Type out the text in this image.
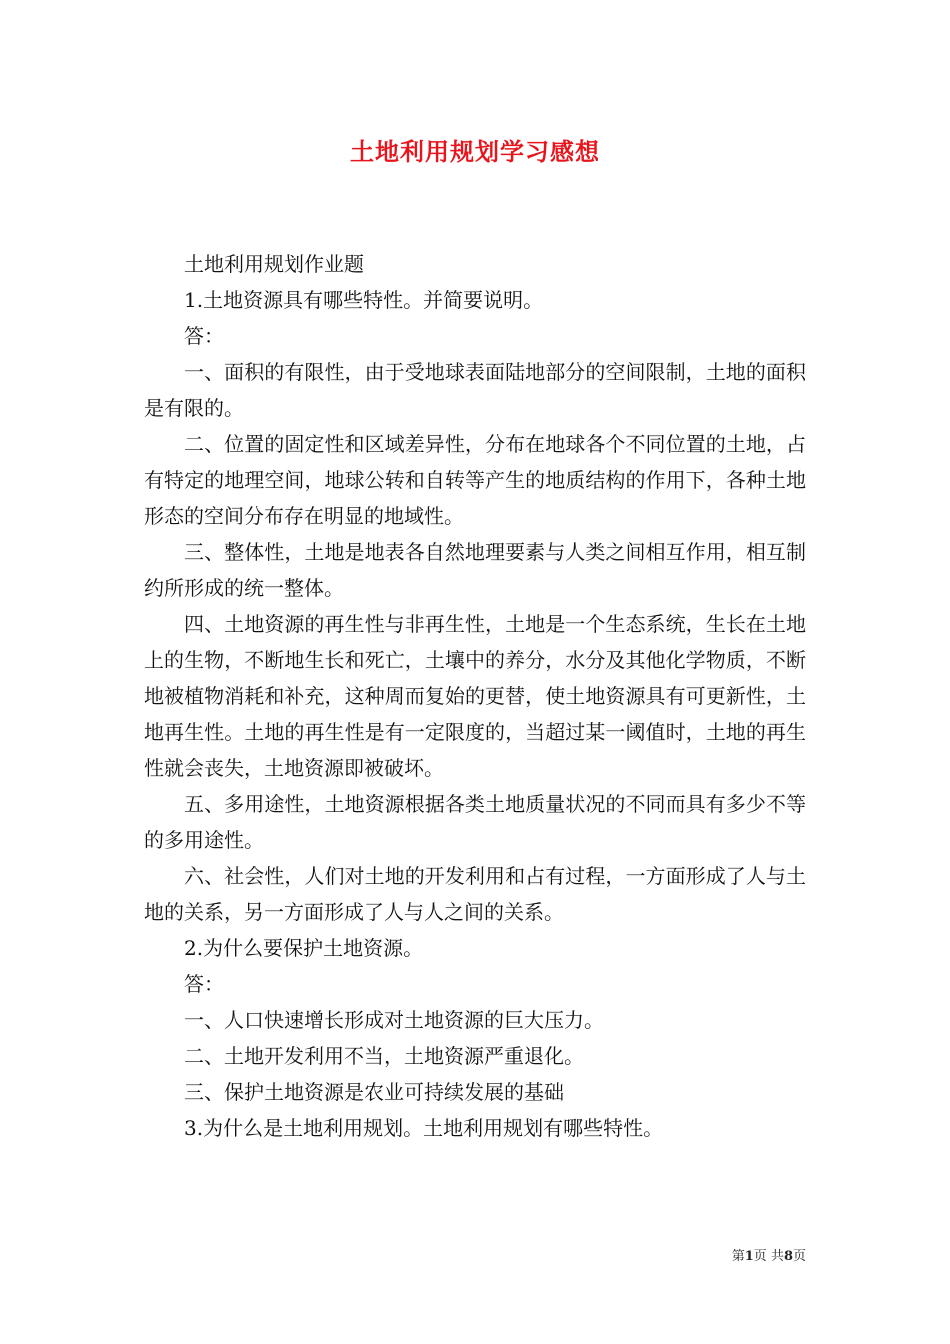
土地利用规划学习感想

土地利用规划作业题

1.土地资源具有哪些特性。并简要说明。

答：

一、面积的有限性，由于受地球表面陆地部分的空间限制，土地的面积是有限的。

二、位置的固定性和区域差异性，分布在地球各个不同位置的土地，占有特定的地理空间，地球公转和自转等产生的地质结构的作用下，各种土地形态的空间分布存在明显的地域性。

三、整体性，土地是地表各自然地理要素与人类之间相互作用，相互制约所形成的统一整体。

四、土地资源的再生性与非再生性，土地是一个生态系统，生长在土地上的生物，不断地生长和死亡，土壤中的养分，水分及其他化学物质，不断地被植物消耗和补充，这种周而复始的更替，使土地资源具有可更新性，土地再生性。土地的再生性是有一定限度的，当超过某一阈值时，土地的再生性就会丧失，土地资源即被破坏。

五、多用途性，土地资源根据各类土地质量状况的不同而具有多少不等的多用途性。

六、社会性，人们对土地的开发利用和占有过程，一方面形成了人与土地的关系，另一方面形成了人与人之间的关系。

2.为什么要保护土地资源。

答：

一、人口快速增长形成对土地资源的巨大压力。

二、土地开发利用不当，土地资源严重退化。

三、保护土地资源是农业可持续发展的基础

3.为什么是土地利用规划。土地利用规划有哪些特性。

第1页 共8页
